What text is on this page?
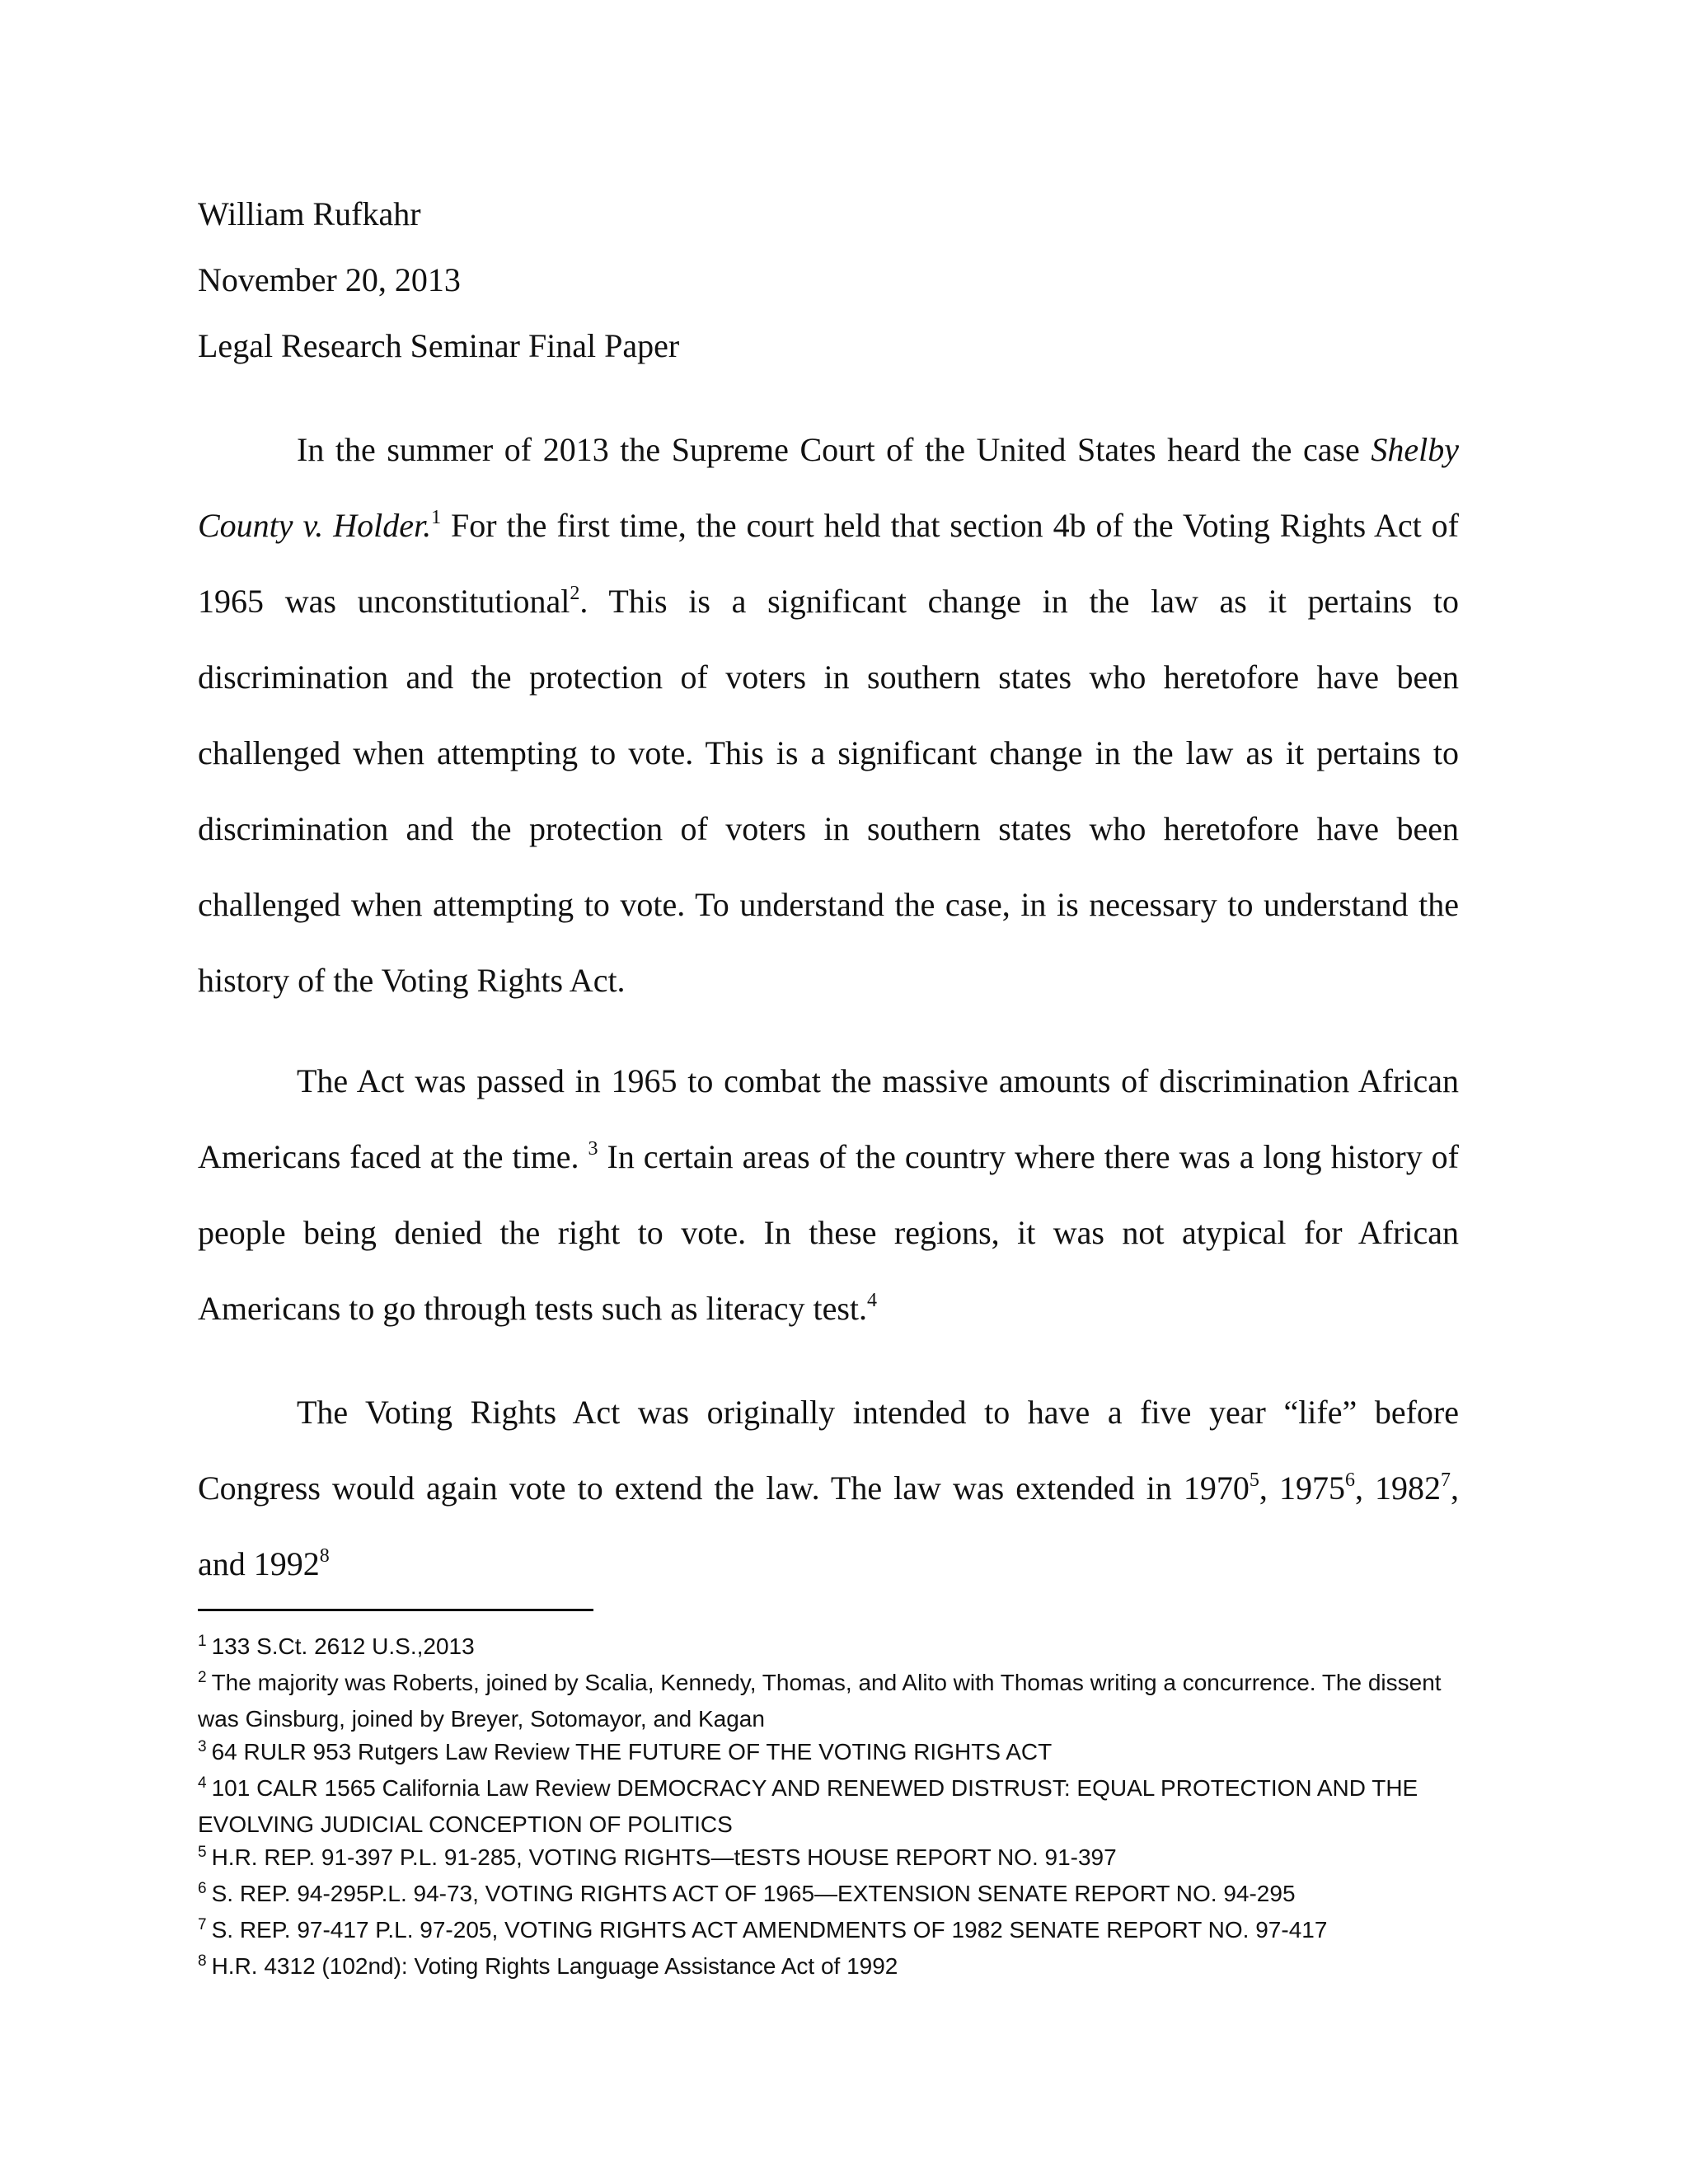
William Rufkahr
November 20, 2013
Legal Research Seminar Final Paper

In the summer of 2013 the Supreme Court of the United States heard the case Shelby County v. Holder.$^1$ For the first time, the court held that section 4b of the Voting Rights Act of 1965 was unconstitutional$^2$. This is a significant change in the law as it pertains to discrimination and the protection of voters in southern states who heretofore have been challenged when attempting to vote. This is a significant change in the law as it pertains to discrimination and the protection of voters in southern states who heretofore have been challenged when attempting to vote. To understand the case, in is necessary to understand the history of the Voting Rights Act.

The Act was passed in 1965 to combat the massive amounts of discrimination African Americans faced at the time. $^3$ In certain areas of the country where there was a long history of people being denied the right to vote. In these regions, it was not atypical for African Americans to go through tests such as literacy test.$^4$

The Voting Rights Act was originally intended to have a five year “life” before Congress would again vote to extend the law. The law was extended in 1970$^5$, 1975$^6$, 1982$^7$, and 1992$^8$

$^1$ 133 S.Ct. 2612 U.S.,2013
$^2$ The majority was Roberts, joined by Scalia, Kennedy, Thomas, and Alito with Thomas writing a concurrence. The dissent was Ginsburg, joined by Breyer, Sotomayor, and Kagan
$^3$ 64 RULR 953 Rutgers Law Review THE FUTURE OF THE VOTING RIGHTS ACT
$^4$ 101 CALR 1565 California Law Review DEMOCRACY AND RENEWED DISTRUST: EQUAL PROTECTION AND THE EVOLVING JUDICIAL CONCEPTION OF POLITICS
$^5$ H.R. REP. 91-397 P.L. 91-285, VOTING RIGHTS—tESTS HOUSE REPORT NO. 91-397
$^6$ S. REP. 94-295P.L. 94-73, VOTING RIGHTS ACT OF 1965—EXTENSION SENATE REPORT NO. 94-295
$^7$ S. REP. 97-417 P.L. 97-205, VOTING RIGHTS ACT AMENDMENTS OF 1982 SENATE REPORT NO. 97-417
$^8$ H.R. 4312 (102nd): Voting Rights Language Assistance Act of 1992
